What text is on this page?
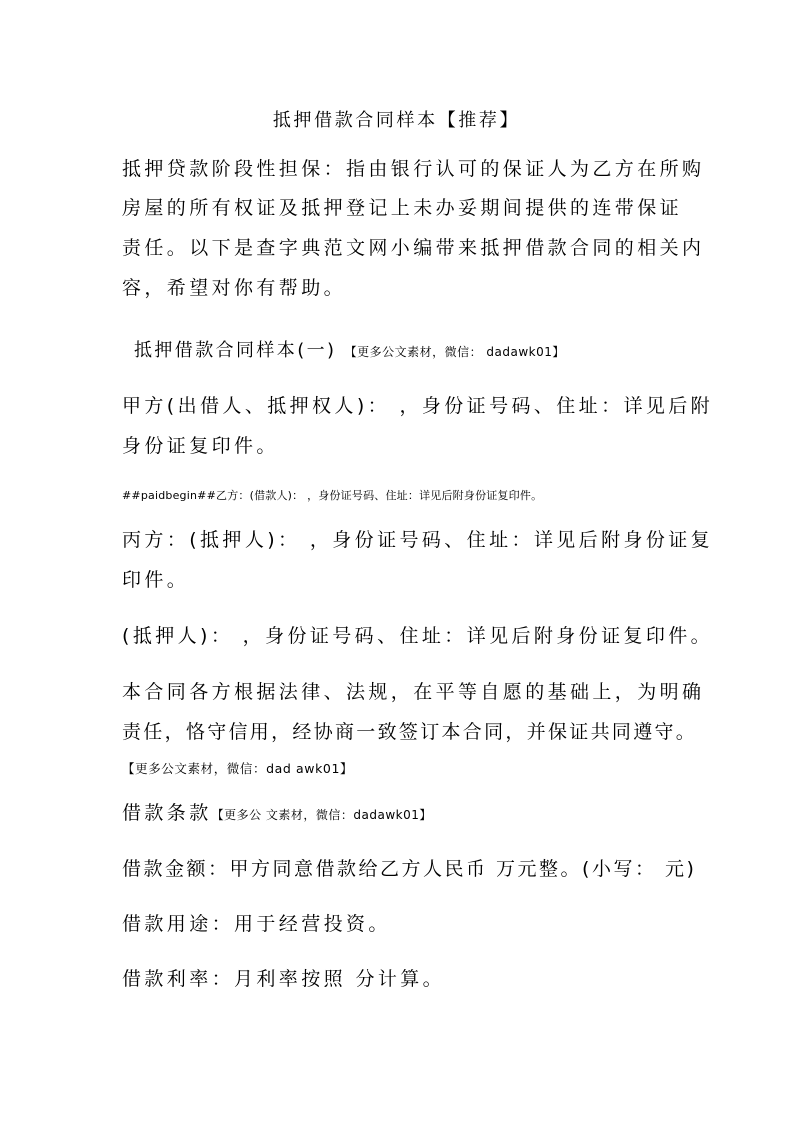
抵押借款合同样本【推荐】
抵押贷款阶段性担保：指由银行认可的保证人为乙方在所购
房屋的所有权证及抵押登记上未办妥期间提供的连带保证
责任。以下是查字典范文网小编带来抵押借款合同的相关内
容，希望对你有帮助。
抵押借款合同样本(一) 【更多公文素材，微信： dadawk01】
甲方(出借人、抵押权人)： ，身份证号码、住址：详见后附
身份证复印件。
##paidbegin##乙方：(借款人)： ，身份证号码、住址：详见后附身份证复印件。
丙方：(抵押人)： ，身份证号码、住址：详见后附身份证复
印件。
(抵押人)： ，身份证号码、住址：详见后附身份证复印件。
本合同各方根据法律、法规，在平等自愿的基础上，为明确
责任，恪守信用，经协商一致签订本合同，并保证共同遵守。
【更多公文素材，微信：dad awk01】
借款条款【更多公 文素材，微信：dadawk01】
借款金额：甲方同意借款给乙方人民币 万元整。(小写： 元)
借款用途：用于经营投资。
借款利率：月利率按照 分计算。
